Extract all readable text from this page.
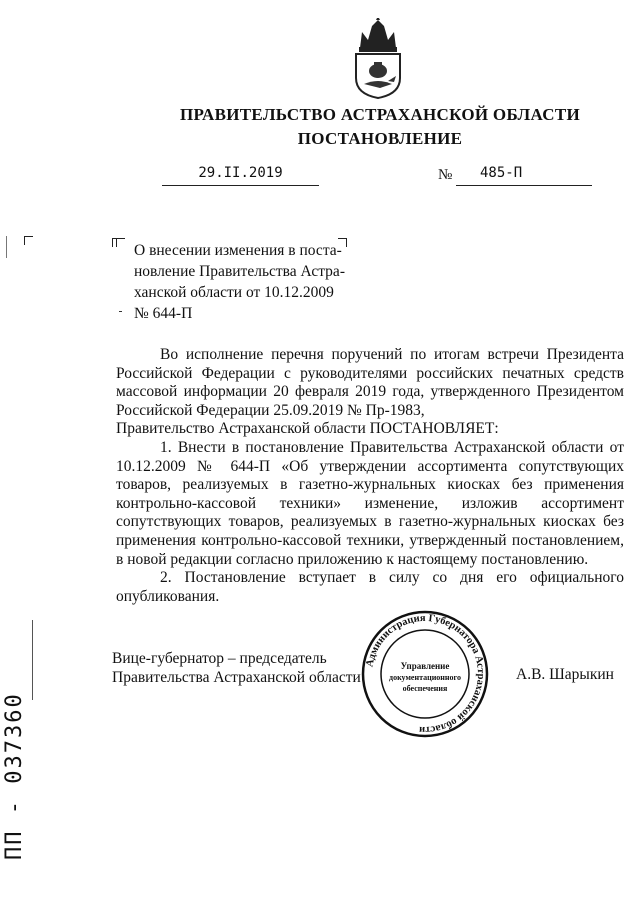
ПРАВИТЕЛЬСТВО АСТРАХАНСКОЙ ОБЛАСТИ
ПОСТАНОВЛЕНИЕ
29.II.2019	№	485-П
О внесении изменения в поста-
новление Правительства Астра-
ханской области от 10.12.2009
№ 644-П

Во исполнение перечня поручений по итогам встречи Президента Российской Федерации с руководителями российских печатных средств массовой информации 20 февраля 2019 года, утвержденного Президентом Российской Федерации 25.09.2019 № Пр-1983,

Правительство Астраханской области ПОСТАНОВЛЯЕТ:

1. Внести в постановление Правительства Астраханской области от 10.12.2009 № 644-П «Об утверждении ассортимента сопутствующих товаров, реализуемых в газетно-журнальных киосках без применения контрольно-кассовой техники» изменение, изложив ассортимент сопутствующих товаров, реализуемых в газетно-журнальных киосках без применения контрольно-кассовой техники, утвержденный постановлением, в новой редакции согласно приложению к настоящему постановлению.

2. Постановление вступает в силу со дня его официального опубликования.

Вице-губернатор – председатель
Правительства Астраханской области	А.В. Шарыкин
Администрация Губернатора Астраханской области
Управление
документационного
обеспечения
ПП - 037360
